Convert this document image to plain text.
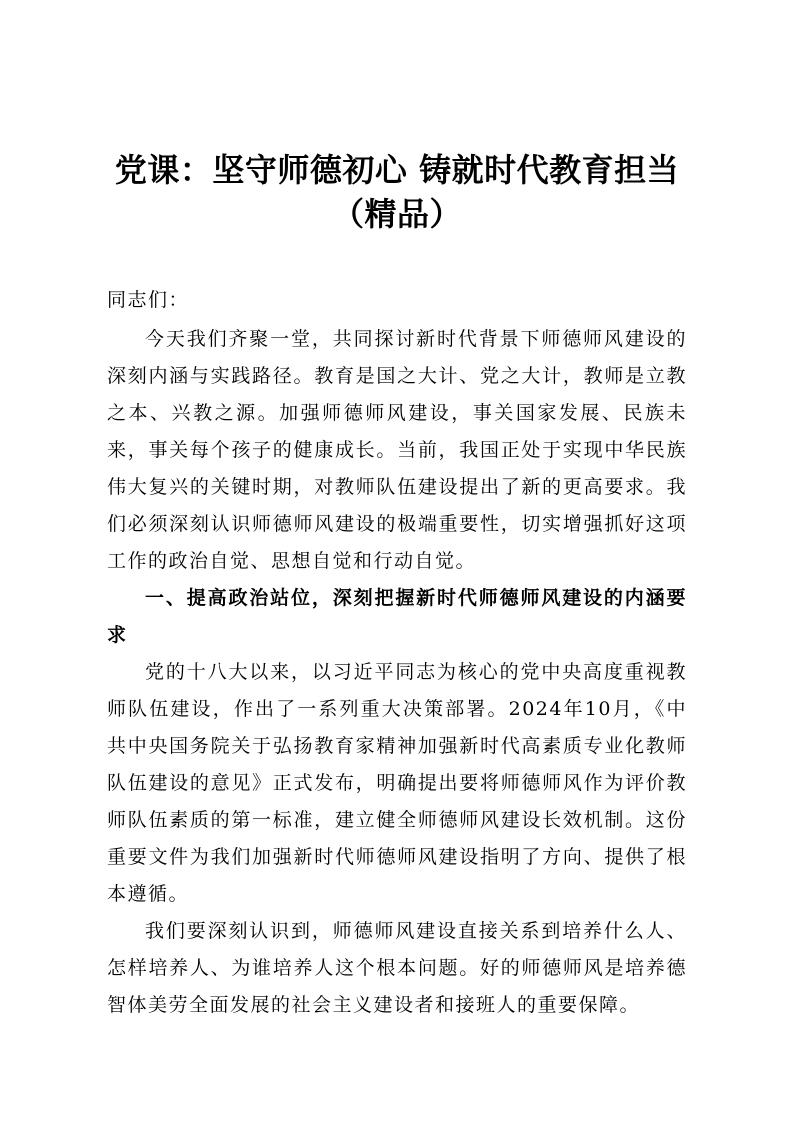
党课：坚守师德初心 铸就时代教育担当（精品）

同志们：

今天我们齐聚一堂，共同探讨新时代背景下师德师风建设的深刻内涵与实践路径。教育是国之大计、党之大计，教师是立教之本、兴教之源。加强师德师风建设，事关国家发展、民族未来，事关每个孩子的健康成长。当前，我国正处于实现中华民族伟大复兴的关键时期，对教师队伍建设提出了新的更高要求。我们必须深刻认识师德师风建设的极端重要性，切实增强抓好这项工作的政治自觉、思想自觉和行动自觉。

一、提高政治站位，深刻把握新时代师德师风建设的内涵要求

党的十八大以来，以习近平同志为核心的党中央高度重视教师队伍建设，作出了一系列重大决策部署。2024年10月，《中共中央国务院关于弘扬教育家精神加强新时代高素质专业化教师队伍建设的意见》正式发布，明确提出要将师德师风作为评价教师队伍素质的第一标准，建立健全师德师风建设长效机制。这份重要文件为我们加强新时代师德师风建设指明了方向、提供了根本遵循。

我们要深刻认识到，师德师风建设直接关系到培养什么人、怎样培养人、为谁培养人这个根本问题。好的师德师风是培养德智体美劳全面发展的社会主义建设者和接班人的重要保障。
